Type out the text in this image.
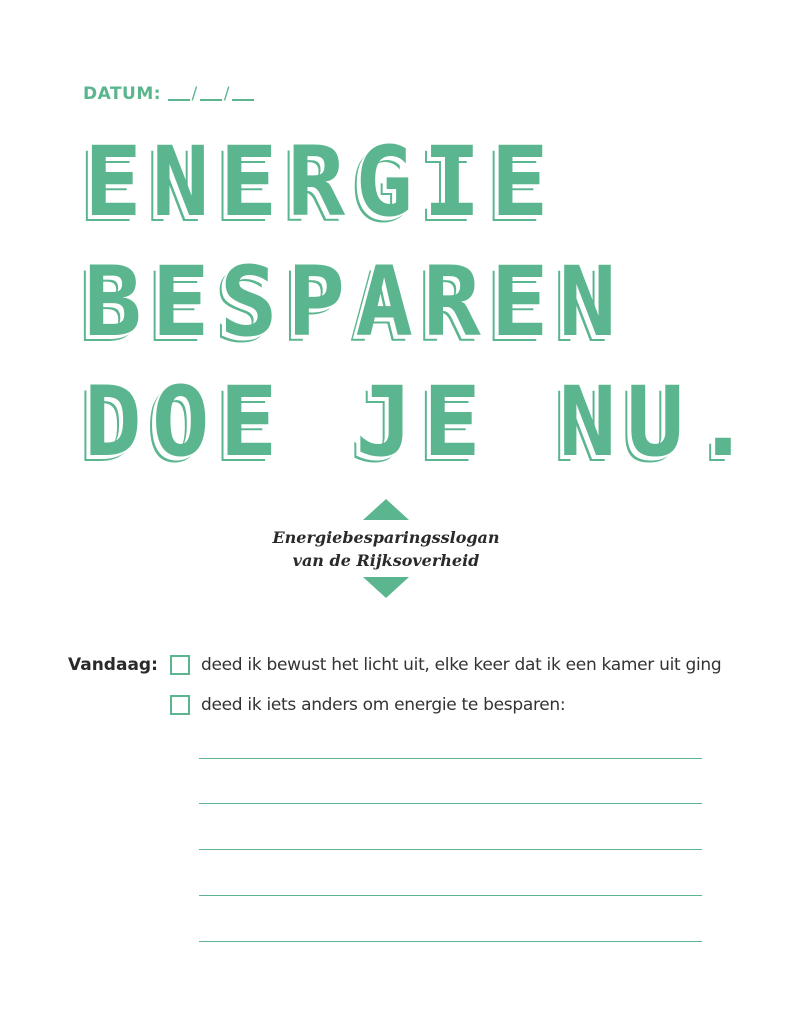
DATUM: / /
ENERGIE
BESPAREN
DOE JE NU.
Energiebesparingsslogan
van de Rijksoverheid
Vandaag:	deed ik bewust het licht uit, elke keer dat ik een kamer uit ging
deed ik iets anders om energie te besparen:
